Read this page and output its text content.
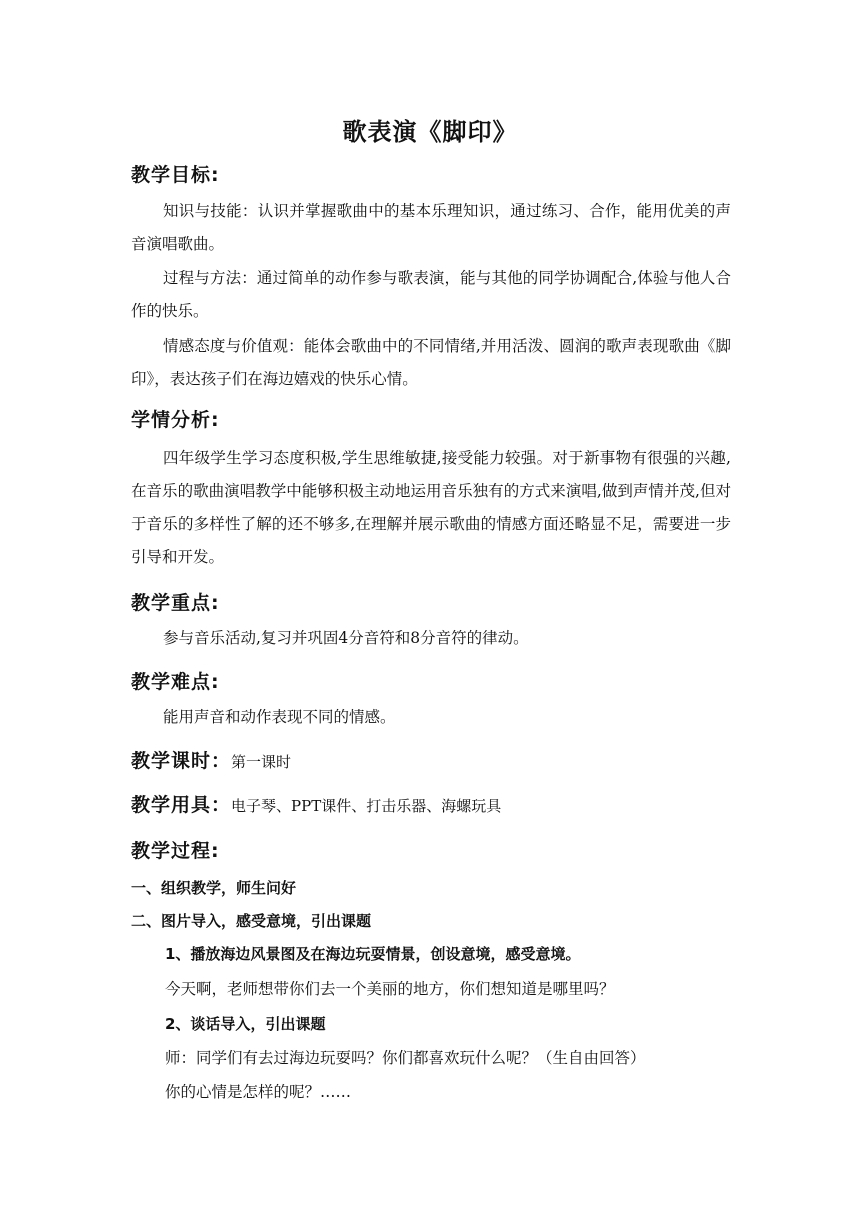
歌表演《脚印》
教学目标:
知识与技能：认识并掌握歌曲中的基本乐理知识，通过练习、合作，能用优美的声音演唱歌曲。
过程与方法：通过简单的动作参与歌表演，能与其他的同学协调配合,体验与他人合作的快乐。
情感态度与价值观：能体会歌曲中的不同情绪,并用活泼、圆润的歌声表现歌曲《脚印》，表达孩子们在海边嬉戏的快乐心情。
学情分析:
四年级学生学习态度积极,学生思维敏捷,接受能力较强。对于新事物有很强的兴趣,在音乐的歌曲演唱教学中能够积极主动地运用音乐独有的方式来演唱,做到声情并茂,但对于音乐的多样性了解的还不够多,在理解并展示歌曲的情感方面还略显不足，需要进一步引导和开发。
教学重点:
参与音乐活动,复习并巩固4分音符和8分音符的律动。
教学难点:
能用声音和动作表现不同的情感。
教学课时：第一课时
教学用具：电子琴、PPT课件、打击乐器、海螺玩具
教学过程:
一、组织教学，师生问好
二、图片导入，感受意境，引出课题
1、播放海边风景图及在海边玩耍情景，创设意境，感受意境。
今天啊，老师想带你们去一个美丽的地方，你们想知道是哪里吗？
2、谈话导入，引出课题
师：同学们有去过海边玩耍吗？你们都喜欢玩什么呢？（生自由回答）
你的心情是怎样的呢？……
